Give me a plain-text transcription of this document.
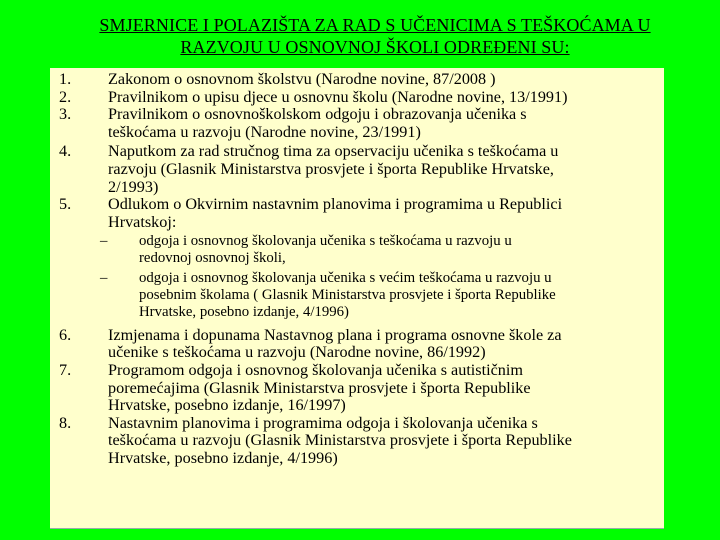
SMJERNICE I POLAZIŠTA ZA RAD S UČENICIMA S TEŠKOĆAMA U
RAZVOJU U OSNOVNOJ ŠKOLI ODREĐENI SU:
1. Zakonom o osnovnom školstvu (Narodne novine, 87/2008 )
2. Pravilnikom o upisu djece u osnovnu školu (Narodne novine, 13/1991)
3. Pravilnikom o osnovnoškolskom odgoju i obrazovanja učenika s
teškoćama u razvoju (Narodne novine, 23/1991)
4. Naputkom za rad stručnog tima za opservaciju učenika s teškoćama u
razvoju (Glasnik Ministarstva prosvjete i športa Republike Hrvatske,
2/1993)
5. Odlukom o Okvirnim nastavnim planovima i programima u Republici
Hrvatskoj:
– odgoja i osnovnog školovanja učenika s teškoćama u razvoju u
redovnoj osnovnoj školi,
– odgoja i osnovnog školovanja učenika s većim teškoćama u razvoju u
posebnim školama ( Glasnik Ministarstva prosvjete i športa Republike
Hrvatske, posebno izdanje, 4/1996)
6. Izmjenama i dopunama Nastavnog plana i programa osnovne škole za
učenike s teškoćama u razvoju (Narodne novine, 86/1992)
7. Programom odgoja i osnovnog školovanja učenika s autističnim
poremećajima (Glasnik Ministarstva prosvjete i športa Republike
Hrvatske, posebno izdanje, 16/1997)
8. Nastavnim planovima i programima odgoja i školovanja učenika s
teškoćama u razvoju (Glasnik Ministarstva prosvjete i športa Republike
Hrvatske, posebno izdanje, 4/1996)
